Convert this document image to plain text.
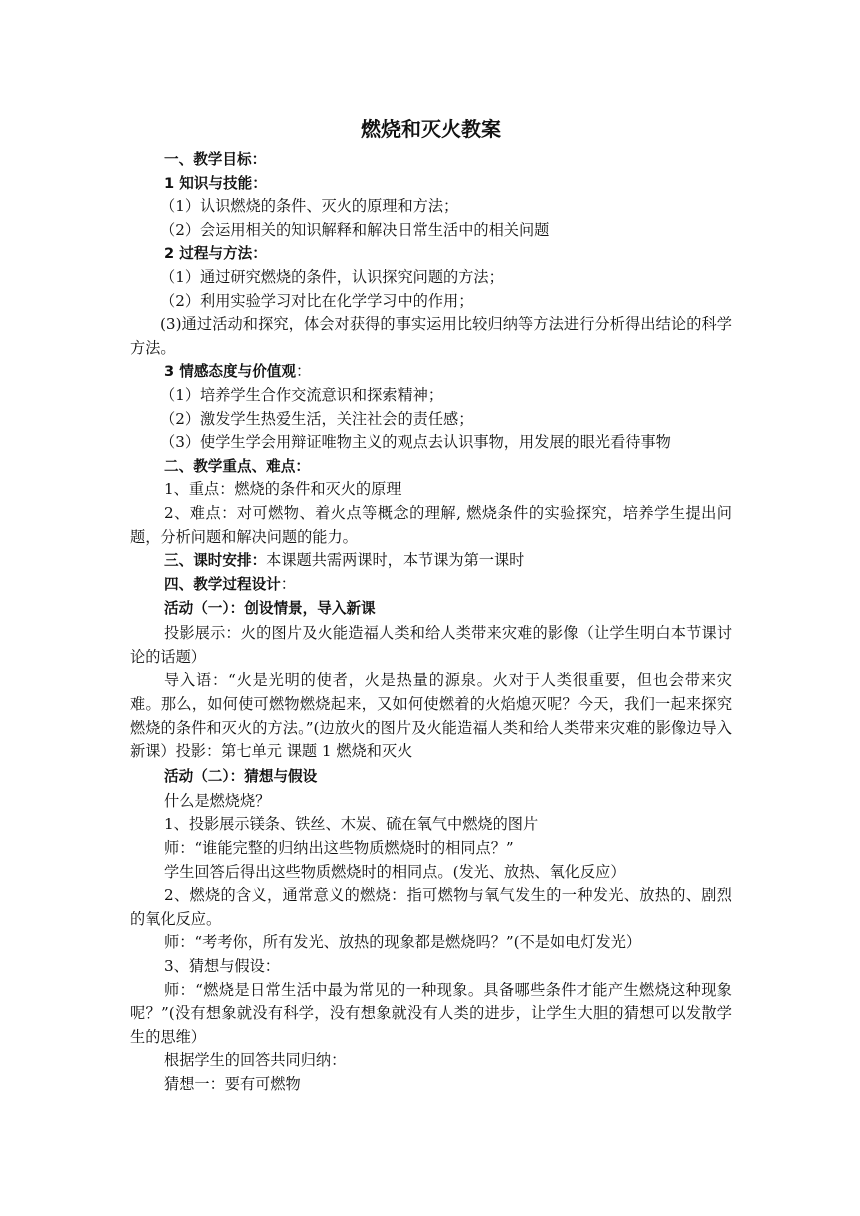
燃烧和灭火教案

一、教学目标：

1 知识与技能：

（1）认识燃烧的条件、灭火的原理和方法；

（2）会运用相关的知识解释和解决日常生活中的相关问题

2 过程与方法：

（1）通过研究燃烧的条件，认识探究问题的方法；

（2）利用实验学习对比在化学学习中的作用；

(3)通过活动和探究，体会对获得的事实运用比较归纳等方法进行分析得出结论的科学方法。

3 情感态度与价值观：

（1）培养学生合作交流意识和探索精神；

（2）激发学生热爱生活，关注社会的责任感；

（3）使学生学会用辩证唯物主义的观点去认识事物，用发展的眼光看待事物

二、教学重点、难点：

1、重点：燃烧的条件和灭火的原理

2、难点：对可燃物、着火点等概念的理解, 燃烧条件的实验探究，培养学生提出问题，分析问题和解决问题的能力。

三、课时安排：本课题共需两课时，本节课为第一课时

四、教学过程设计：

活动（一）：创设情景，导入新课

投影展示：火的图片及火能造福人类和给人类带来灾难的影像（让学生明白本节课讨论的话题）

导入语：“火是光明的使者，火是热量的源泉。火对于人类很重要，但也会带来灾难。那么，如何使可燃物燃烧起来，又如何使燃着的火焰熄灭呢？今天，我们一起来探究燃烧的条件和灭火的方法。”(边放火的图片及火能造福人类和给人类带来灾难的影像边导入新课）投影：第七单元 课题 1 燃烧和灭火

活动（二）：猜想与假设

什么是燃烧烧？

1、投影展示镁条、铁丝、木炭、硫在氧气中燃烧的图片

师：“谁能完整的归纳出这些物质燃烧时的相同点？”

学生回答后得出这些物质燃烧时的相同点。(发光、放热、氧化反应）

2、燃烧的含义，通常意义的燃烧：指可燃物与氧气发生的一种发光、放热的、剧烈的氧化反应。

师：“考考你，所有发光、放热的现象都是燃烧吗？”(不是如电灯发光）

3、猜想与假设：

师：“燃烧是日常生活中最为常见的一种现象。具备哪些条件才能产生燃烧这种现象呢？”(没有想象就没有科学，没有想象就没有人类的进步，让学生大胆的猜想可以发散学生的思维）

根据学生的回答共同归纳：

猜想一：要有可燃物
